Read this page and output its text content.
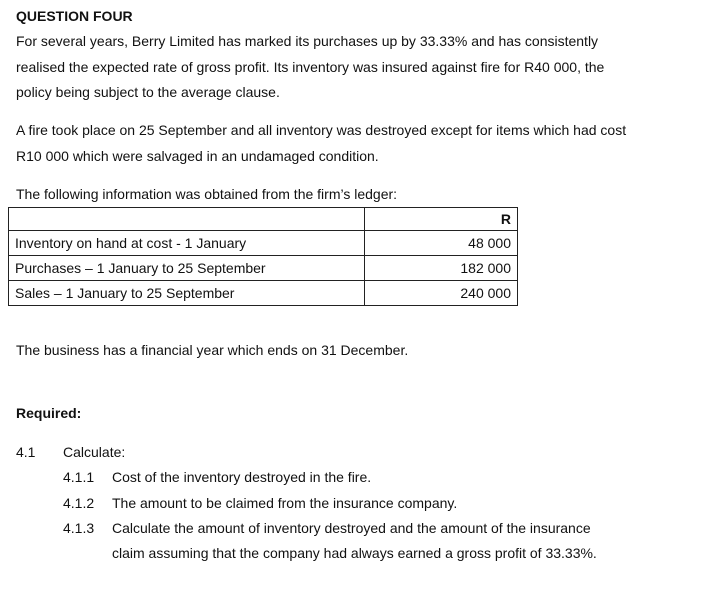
QUESTION FOUR
For several years, Berry Limited has marked its purchases up by 33.33% and has consistently
realised the expected rate of gross profit. Its inventory was insured against fire for R40 000, the
policy being subject to the average clause.
A fire took place on 25 September and all inventory was destroyed except for items which had cost
R10 000 which were salvaged in an undamaged condition.
The following information was obtained from the firm’s ledger:
	R
Inventory on hand at cost - 1 January	48 000
Purchases – 1 January to 25 September	182 000
Sales – 1 January to 25 September	240 000
The business has a financial year which ends on 31 December.
Required:
4.1 Calculate:
4.1.1 Cost of the inventory destroyed in the fire.
4.1.2 The amount to be claimed from the insurance company.
4.1.3 Calculate the amount of inventory destroyed and the amount of the insurance
claim assuming that the company had always earned a gross profit of 33.33%.
